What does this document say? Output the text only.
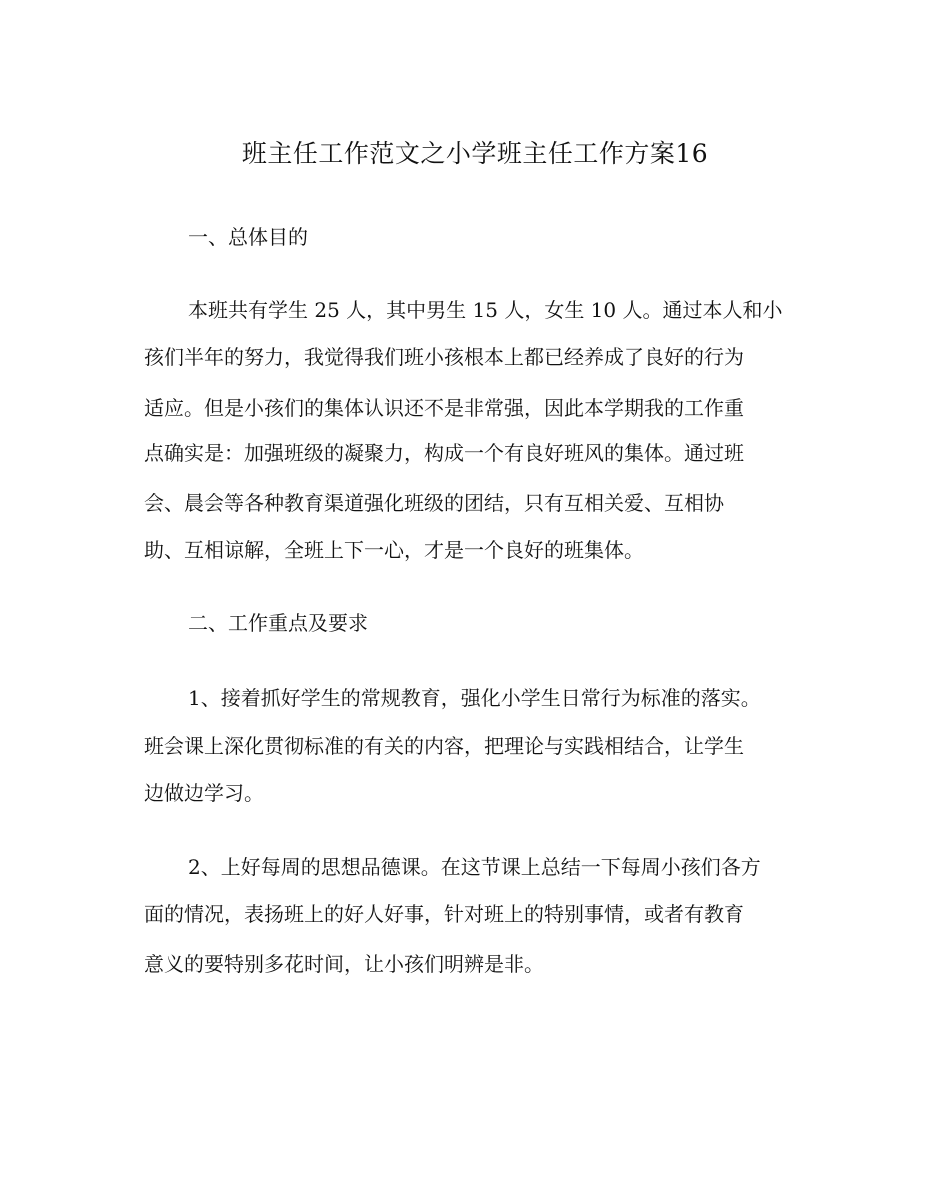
班主任工作范文之小学班主任工作方案16
一、总体目的
本班共有学生 25 人，其中男生 15 人，女生 10 人。通过本人和小
孩们半年的努力，我觉得我们班小孩根本上都已经养成了良好的行为
适应。但是小孩们的集体认识还不是非常强，因此本学期我的工作重
点确实是：加强班级的凝聚力，构成一个有良好班风的集体。通过班
会、晨会等各种教育渠道强化班级的团结，只有互相关爱、互相协
助、互相谅解，全班上下一心，才是一个良好的班集体。
二、工作重点及要求
1、接着抓好学生的常规教育，强化小学生日常行为标准的落实。
班会课上深化贯彻标准的有关的内容，把理论与实践相结合，让学生
边做边学习。
2、上好每周的思想品德课。在这节课上总结一下每周小孩们各方
面的情况，表扬班上的好人好事，针对班上的特别事情，或者有教育
意义的要特别多花时间，让小孩们明辨是非。
